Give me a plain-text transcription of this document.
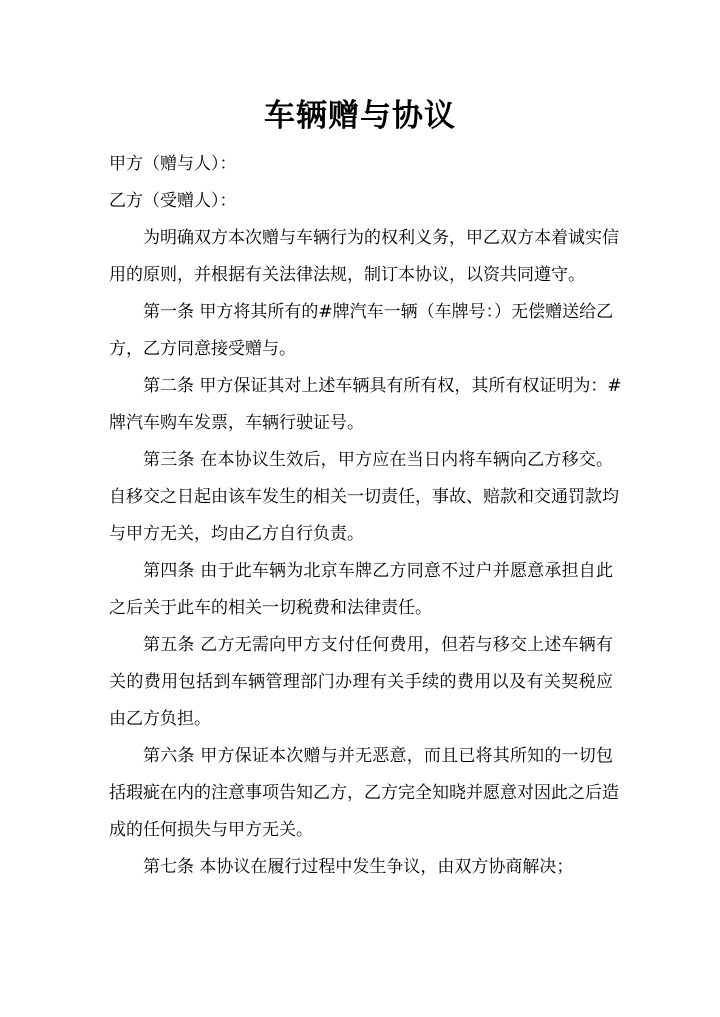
车辆赠与协议
甲方（赠与人）：
乙方（受赠人）：
为明确双方本次赠与车辆行为的权利义务，甲乙双方本着诚实信
用的原则，并根据有关法律法规，制订本协议，以资共同遵守。
第一条 甲方将其所有的#牌汽车一辆（车牌号：）无偿赠送给乙
方，乙方同意接受赠与。
第二条 甲方保证其对上述车辆具有所有权，其所有权证明为：#
牌汽车购车发票，车辆行驶证号。
第三条 在本协议生效后，甲方应在当日内将车辆向乙方移交。
自移交之日起由该车发生的相关一切责任，事故、赔款和交通罚款均
与甲方无关，均由乙方自行负责。
第四条 由于此车辆为北京车牌乙方同意不过户并愿意承担自此
之后关于此车的相关一切税费和法律责任。
第五条 乙方无需向甲方支付任何费用，但若与移交上述车辆有
关的费用包括到车辆管理部门办理有关手续的费用以及有关契税应
由乙方负担。
第六条 甲方保证本次赠与并无恶意，而且已将其所知的一切包
括瑕疵在内的注意事项告知乙方，乙方完全知晓并愿意对因此之后造
成的任何损失与甲方无关。
第七条 本协议在履行过程中发生争议，由双方协商解决；
